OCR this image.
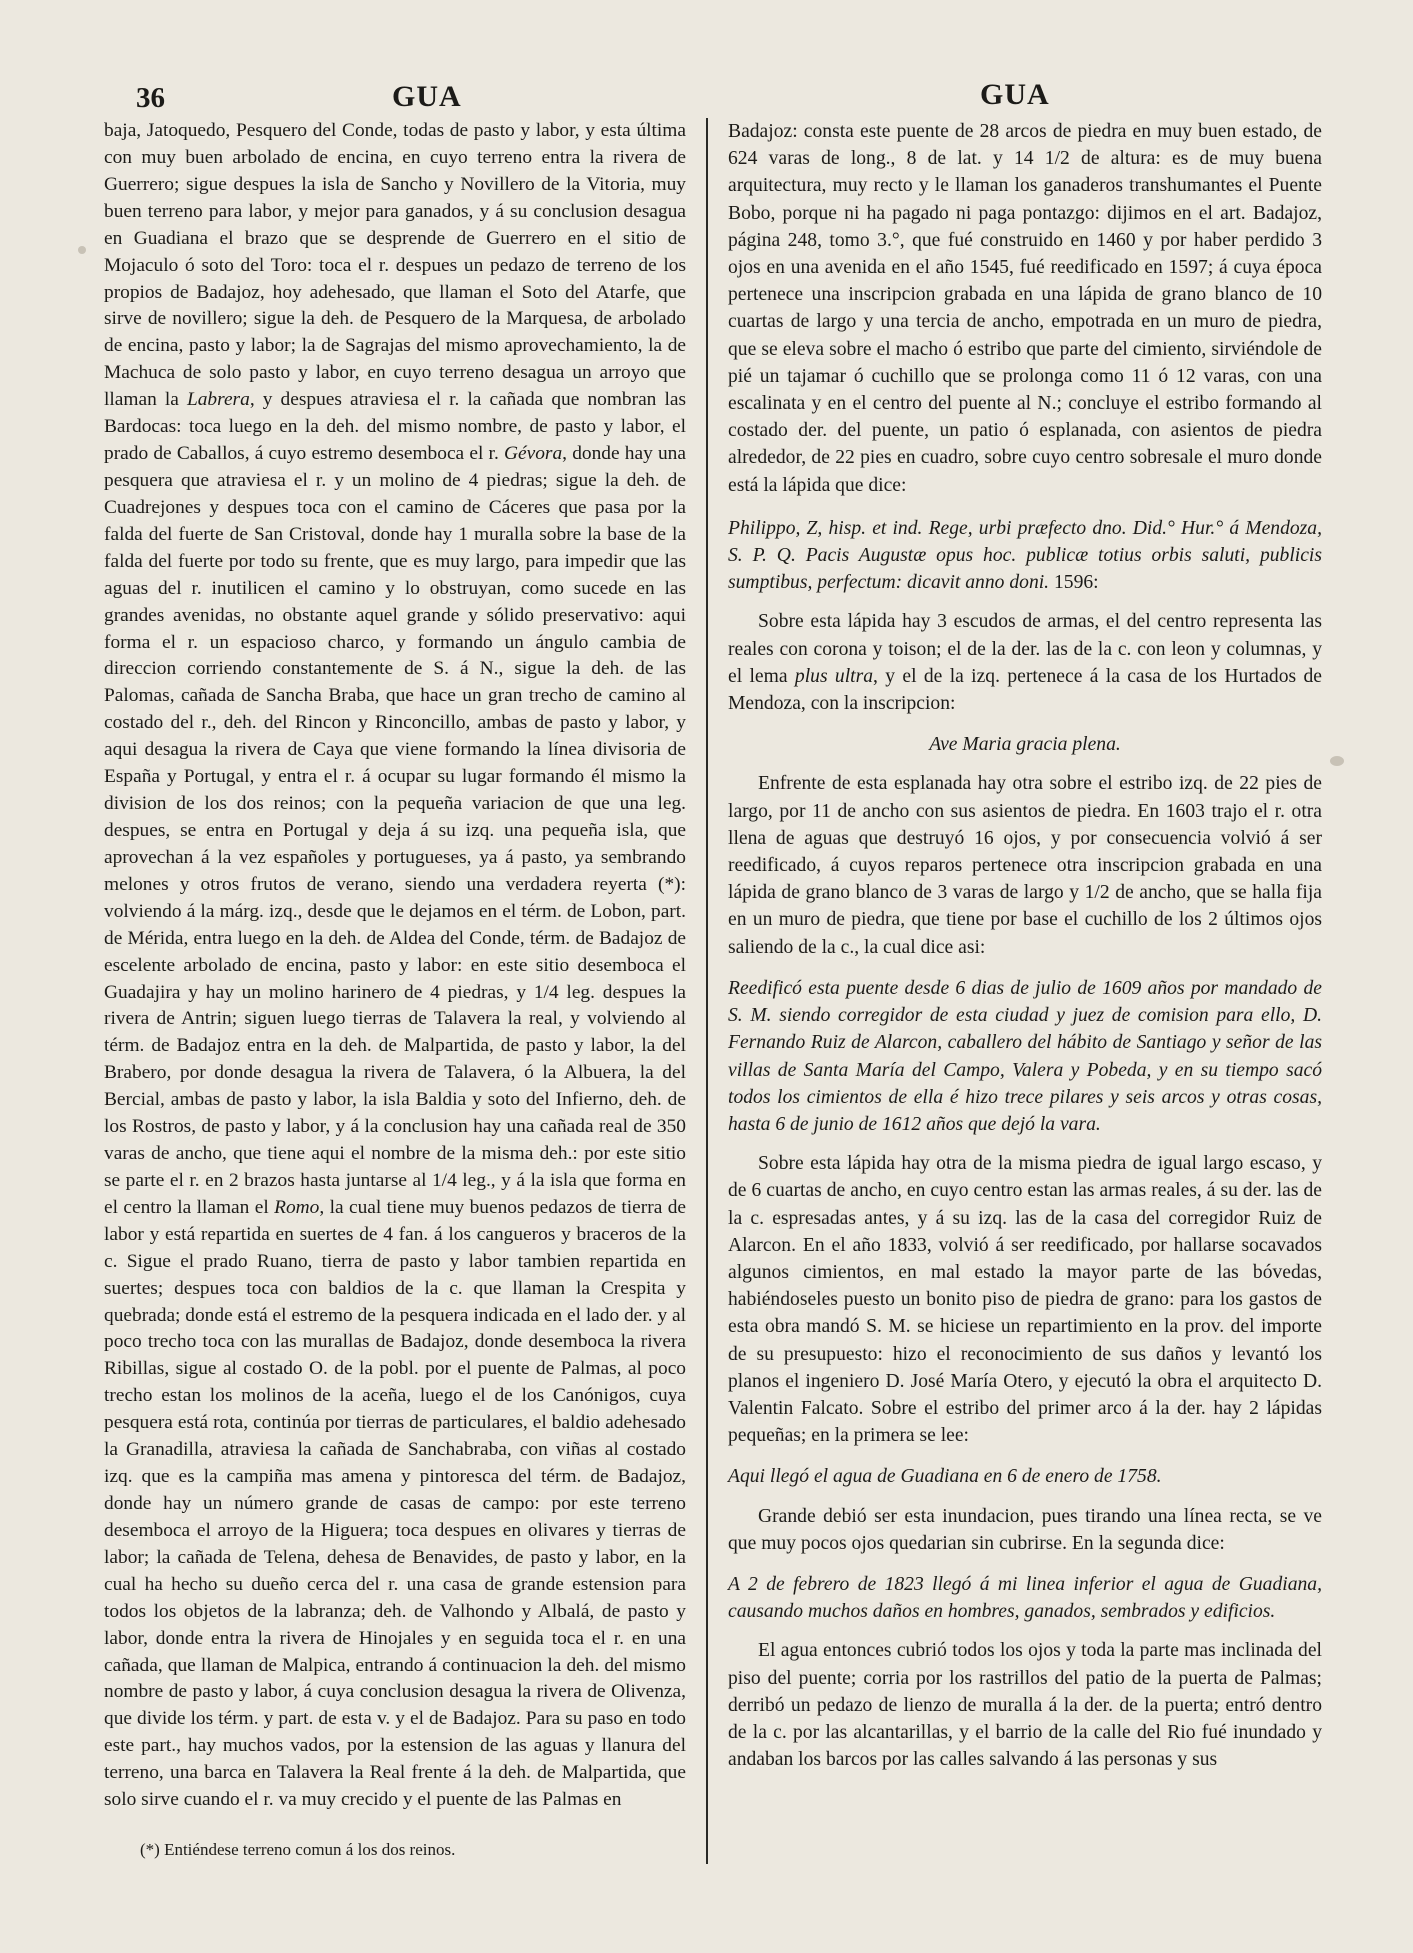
36	GUA	GUA

baja, Jatoquedo, Pesquero del Conde, todas de pasto y labor, y esta última con muy buen arbolado de encina, en cuyo terreno entra la rivera de Guerrero; sigue despues la isla de Sancho y Novillero de la Vitoria, muy buen terreno para labor, y mejor para ganados, y á su conclusion desagua en Guadiana el brazo que se desprende de Guerrero en el sitio de Mojaculo ó soto del Toro: toca el r. despues un pedazo de terreno de los propios de Badajoz, hoy adehesado, que llaman el Soto del Atarfe, que sirve de novillero; sigue la deh. de Pesquero de la Marquesa, de arbolado de encina, pasto y labor; la de Sagrajas del mismo aprovechamiento, la de Machuca de solo pasto y labor, en cuyo terreno desagua un arroyo que llaman la Labrera, y despues atraviesa el r. la cañada que nombran las Bardocas: toca luego en la deh. del mismo nombre, de pasto y labor, el prado de Caballos, á cuyo estremo desemboca el r. Gévora, donde hay una pesquera que atraviesa el r. y un molino de 4 piedras; sigue la deh. de Cuadrejones y despues toca con el camino de Cáceres que pasa por la falda del fuerte de San Cristoval, donde hay 1 muralla sobre la base de la falda del fuerte por todo su frente, que es muy largo, para impedir que las aguas del r. inutilicen el camino y lo obstruyan, como sucede en las grandes avenidas, no obstante aquel grande y sólido preservativo: aqui forma el r. un espacioso charco, y formando un ángulo cambia de direccion corriendo constantemente de S. á N., sigue la deh. de las Palomas, cañada de Sancha Braba, que hace un gran trecho de camino al costado del r., deh. del Rincon y Rinconcillo, ambas de pasto y labor, y aqui desagua la rivera de Caya que viene formando la línea divisoria de España y Portugal, y entra el r. á ocupar su lugar formando él mismo la division de los dos reinos; con la pequeña variacion de que una leg. despues, se entra en Portugal y deja á su izq. una pequeña isla, que aprovechan á la vez españoles y portugueses, ya á pasto, ya sembrando melones y otros frutos de verano, siendo una verdadera reyerta (*): volviendo á la márg. izq., desde que le dejamos en el térm. de Lobon, part. de Mérida, entra luego en la deh. de Aldea del Conde, térm. de Badajoz de escelente arbolado de encina, pasto y labor: en este sitio desemboca el Guadajira y hay un molino harinero de 4 piedras, y 1/4 leg. despues la rivera de Antrin; siguen luego tierras de Talavera la real, y volviendo al térm. de Badajoz entra en la deh. de Malpartida, de pasto y labor, la del Brabero, por donde desagua la rivera de Talavera, ó la Albuera, la del Bercial, ambas de pasto y labor, la isla Baldia y soto del Infierno, deh. de los Rostros, de pasto y labor, y á la conclusion hay una cañada real de 350 varas de ancho, que tiene aqui el nombre de la misma deh.: por este sitio se parte el r. en 2 brazos hasta juntarse al 1/4 leg., y á la isla que forma en el centro la llaman el Romo, la cual tiene muy buenos pedazos de tierra de labor y está repartida en suertes de 4 fan. á los cangueros y braceros de la c. Sigue el prado Ruano, tierra de pasto y labor tambien repartida en suertes; despues toca con baldios de la c. que llaman la Crespita y quebrada; donde está el estremo de la pesquera indicada en el lado der. y al poco trecho toca con las murallas de Badajoz, donde desemboca la rivera Ribillas, sigue al costado O. de la pobl. por el puente de Palmas, al poco trecho estan los molinos de la aceña, luego el de los Canónigos, cuya pesquera está rota, continúa por tierras de particulares, el baldio adehesado la Granadilla, atraviesa la cañada de Sanchabraba, con viñas al costado izq. que es la campiña mas amena y pintoresca del térm. de Badajoz, donde hay un número grande de casas de campo: por este terreno desemboca el arroyo de la Higuera; toca despues en olivares y tierras de labor; la cañada de Telena, dehesa de Benavides, de pasto y labor, en la cual ha hecho su dueño cerca del r. una casa de grande estension para todos los objetos de la labranza; deh. de Valhondo y Albalá, de pasto y labor, donde entra la rivera de Hinojales y en seguida toca el r. en una cañada, que llaman de Malpica, entrando á continuacion la deh. del mismo nombre de pasto y labor, á cuya conclusion desagua la rivera de Olivenza, que divide los térm. y part. de esta v. y el de Badajoz. Para su paso en todo este part., hay muchos vados, por la estension de las aguas y llanura del terreno, una barca en Talavera la Real frente á la deh. de Malpartida, que solo sirve cuando el r. va muy crecido y el puente de las Palmas en

(*) Entiéndese terreno comun á los dos reinos.

Badajoz: consta este puente de 28 arcos de piedra en muy buen estado, de 624 varas de long., 8 de lat. y 14 1/2 de altura: es de muy buena arquitectura, muy recto y le llaman los ganaderos transhumantes el Puente Bobo, porque ni ha pagado ni paga pontazgo: dijimos en el art. Badajoz, página 248, tomo 3.°, que fué construido en 1460 y por haber perdido 3 ojos en una avenida en el año 1545, fué reedificado en 1597; á cuya época pertenece una inscripcion grabada en una lápida de grano blanco de 10 cuartas de largo y una tercia de ancho, empotrada en un muro de piedra, que se eleva sobre el macho ó estribo que parte del cimiento, sirviéndole de pié un tajamar ó cuchillo que se prolonga como 11 ó 12 varas, con una escalinata y en el centro del puente al N.; concluye el estribo formando al costado der. del puente, un patio ó esplanada, con asientos de piedra alrededor, de 22 pies en cuadro, sobre cuyo centro sobresale el muro donde está la lápida que dice:

Philippo, Z, hisp. et ind. Rege, urbi præfecto dno. Did.° Hur.° á Mendoza, S. P. Q. Pacis Augustæ opus hoc. publicæ totius orbis saluti, publicis sumptibus, perfectum: dicavit anno doni. 1596:

Sobre esta lápida hay 3 escudos de armas, el del centro representa las reales con corona y toison; el de la der. las de la c. con leon y columnas, y el lema plus ultra, y el de la izq. pertenece á la casa de los Hurtados de Mendoza, con la inscripcion:

Ave Maria gracia plena.

Enfrente de esta esplanada hay otra sobre el estribo izq. de 22 pies de largo, por 11 de ancho con sus asientos de piedra. En 1603 trajo el r. otra llena de aguas que destruyó 16 ojos, y por consecuencia volvió á ser reedificado, á cuyos reparos pertenece otra inscripcion grabada en una lápida de grano blanco de 3 varas de largo y 1/2 de ancho, que se halla fija en un muro de piedra, que tiene por base el cuchillo de los 2 últimos ojos saliendo de la c., la cual dice asi:

Reedificó esta puente desde 6 dias de julio de 1609 años por mandado de S. M. siendo corregidor de esta ciudad y juez de comision para ello, D. Fernando Ruiz de Alarcon, caballero del hábito de Santiago y señor de las villas de Santa María del Campo, Valera y Pobeda, y en su tiempo sacó todos los cimientos de ella é hizo trece pilares y seis arcos y otras cosas, hasta 6 de junio de 1612 años que dejó la vara.

Sobre esta lápida hay otra de la misma piedra de igual largo escaso, y de 6 cuartas de ancho, en cuyo centro estan las armas reales, á su der. las de la c. espresadas antes, y á su izq. las de la casa del corregidor Ruiz de Alarcon. En el año 1833, volvió á ser reedificado, por hallarse socavados algunos cimientos, en mal estado la mayor parte de las bóvedas, habiéndoseles puesto un bonito piso de piedra de grano: para los gastos de esta obra mandó S. M. se hiciese un repartimiento en la prov. del importe de su presupuesto: hizo el reconocimiento de sus daños y levantó los planos el ingeniero D. José María Otero, y ejecutó la obra el arquitecto D. Valentin Falcato. Sobre el estribo del primer arco á la der. hay 2 lápidas pequeñas; en la primera se lee:

Aqui llegó el agua de Guadiana en 6 de enero de 1758.

Grande debió ser esta inundacion, pues tirando una línea recta, se ve que muy pocos ojos quedarian sin cubrirse. En la segunda dice:

A 2 de febrero de 1823 llegó á mi linea inferior el agua de Guadiana, causando muchos daños en hombres, ganados, sembrados y edificios.

El agua entonces cubrió todos los ojos y toda la parte mas inclinada del piso del puente; corria por los rastrillos del patio de la puerta de Palmas; derribó un pedazo de lienzo de muralla á la der. de la puerta; entró dentro de la c. por las alcantarillas, y el barrio de la calle del Rio fué inundado y andaban los barcos por las calles salvando á las personas y sus
